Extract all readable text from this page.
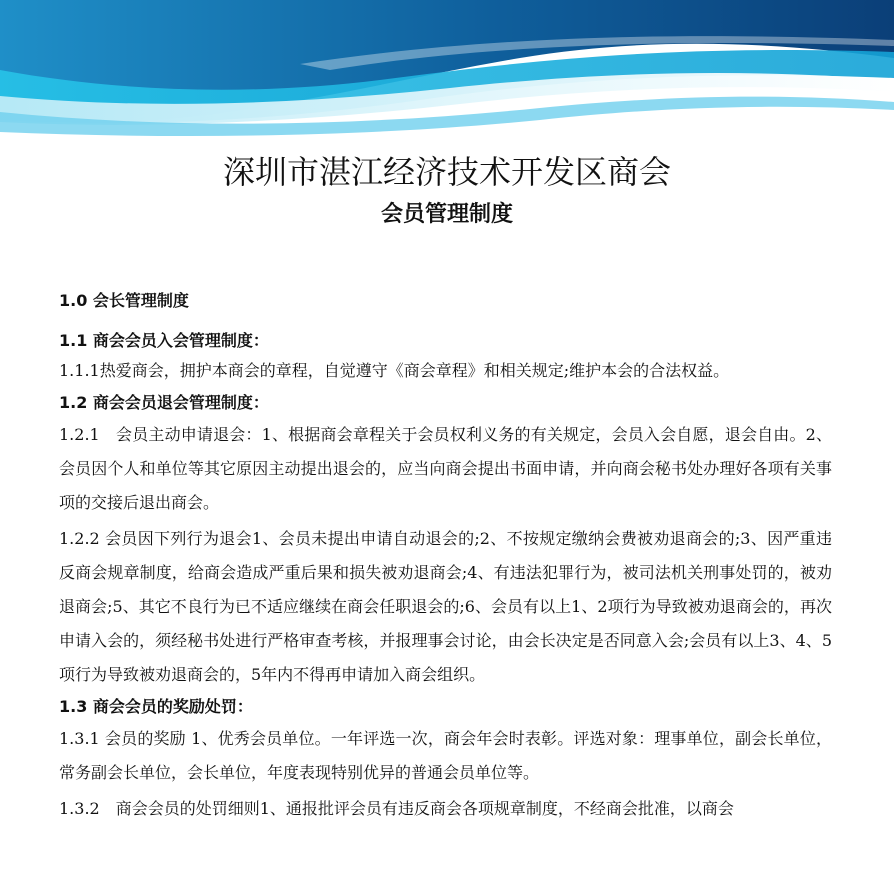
深圳市湛江经济技术开发区商会
会员管理制度
1.0 会长管理制度
1.1 商会会员入会管理制度：
1.1.1热爱商会，拥护本商会的章程，自觉遵守《商会章程》和相关规定;维护本会的合法权益。
1.2 商会会员退会管理制度：
1.2.1　会员主动申请退会：1、根据商会章程关于会员权利义务的有关规定，会员入会自愿，退会自由。2、会员因个人和单位等其它原因主动提出退会的，应当向商会提出书面申请，并向商会秘书处办理好各项有关事项的交接后退出商会。
1.2.2 会员因下列行为退会1、会员未提出申请自动退会的;2、不按规定缴纳会费被劝退商会的;3、因严重违反商会规章制度，给商会造成严重后果和损失被劝退商会;4、有违法犯罪行为，被司法机关刑事处罚的，被劝退商会;5、其它不良行为已不适应继续在商会任职退会的;6、会员有以上1、2项行为导致被劝退商会的，再次申请入会的，须经秘书处进行严格审查考核，并报理事会讨论，由会长决定是否同意入会;会员有以上3、4、5项行为导致被劝退商会的，5年内不得再申请加入商会组织。
1.3 商会会员的奖励处罚：
1.3.1 会员的奖励 1、优秀会员单位。一年评选一次，商会年会时表彰。评选对象：理事单位，副会长单位，常务副会长单位，会长单位，年度表现特别优异的普通会员单位等。
1.3.2　商会会员的处罚细则1、通报批评会员有违反商会各项规章制度，不经商会批准，以商会
